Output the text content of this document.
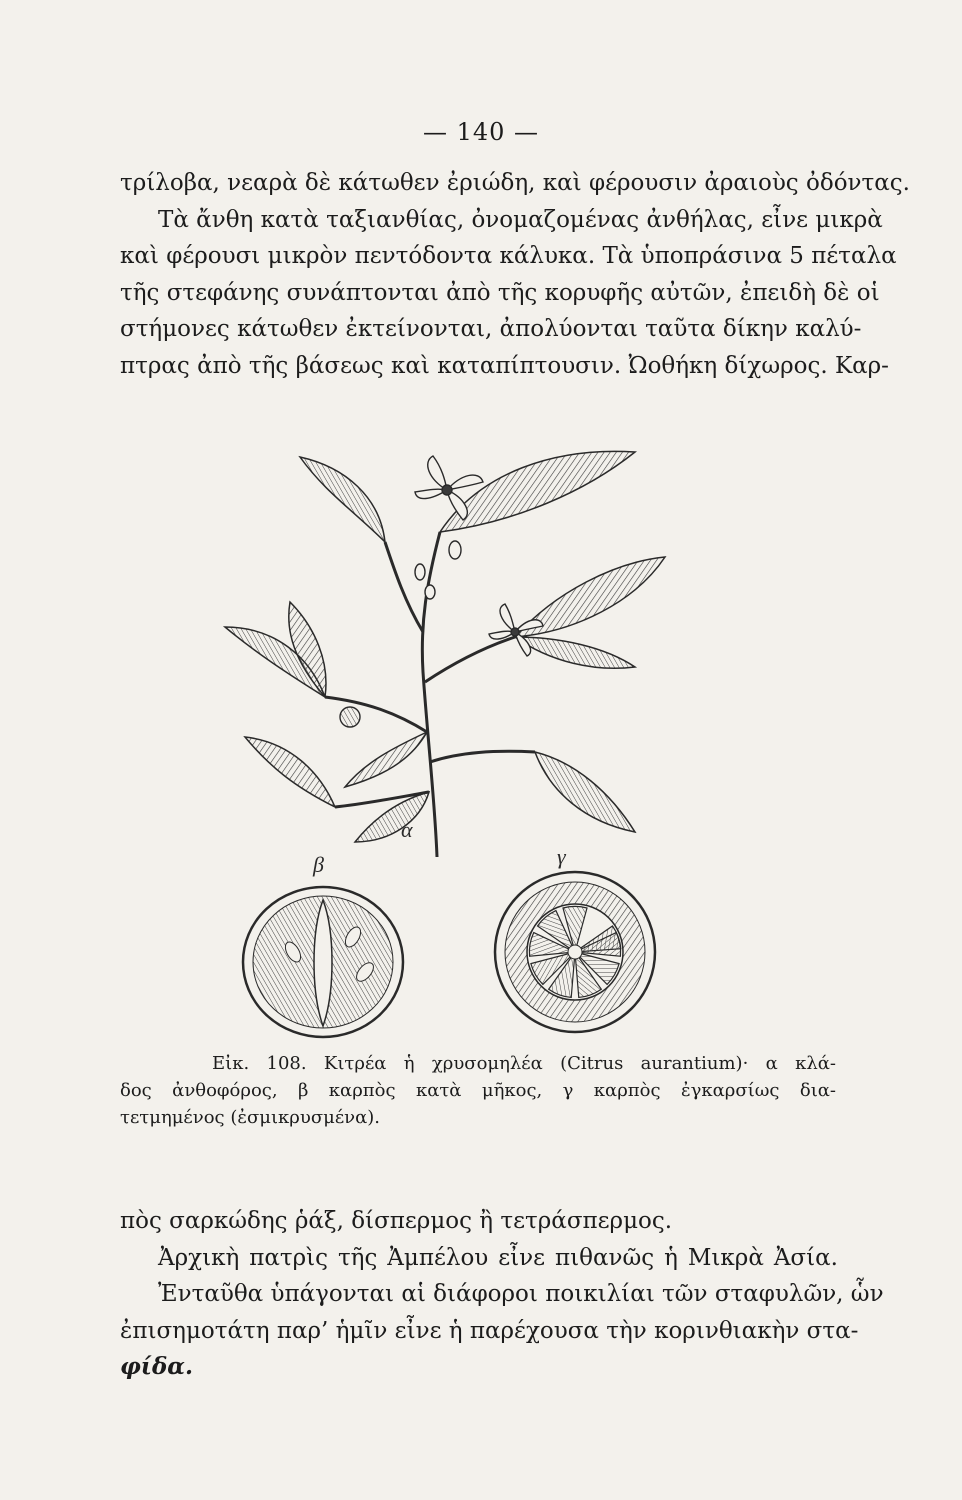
— 140 —
τρίλοβα, νεαρὰ δὲ κάτωθεν ἐριώδη, καὶ φέρουσιν ἀραιοὺς ὀδόντας.
Τὰ ἄνθη κατὰ ταξιανθίας, ὀνομαζομένας ἀνθήλας, εἶνε μικρὰ
καὶ φέρουσι μικρὸν πεντόδοντα κάλυκα. Τὰ ὑποπράσινα 5 πέταλα
τῆς στεφάνης συνάπτονται ἀπὸ τῆς κορυφῆς αὐτῶν, ἐπειδὴ δὲ οἱ
στήμονες κάτωθεν ἐκτείνονται, ἀπολύονται ταῦτα δίκην καλύ-
πτρας ἀπὸ τῆς βάσεως καὶ καταπίπτουσιν. Ὠοθήκη δίχωρος. Καρ-
α
β	γ
Εἰκ. 108. Κιτρέα ἡ χρυσομηλέα (Citrus aurantium)· α κλά-
δος ἀνθοφόρος, β καρπὸς κατὰ μῆκος, γ καρπὸς ἐγκαρσίως δια-
τετμημένος (ἐσμικρυσμένα).
πὸς σαρκώδης ῥάξ, δίσπερμος ἢ τετράσπερμος.
Ἀρχικὴ πατρὶς τῆς Ἀμπέλου εἶνε πιθανῶς ἡ Μικρὰ Ἀσία.
Ἐνταῦθα ὑπάγονται αἱ διάφοροι ποικιλίαι τῶν σταφυλῶν, ὧν
ἐπισημοτάτη παρ’ ἡμῖν εἶνε ἡ παρέχουσα τὴν κορινθιακὴν στα-
φίδα.
